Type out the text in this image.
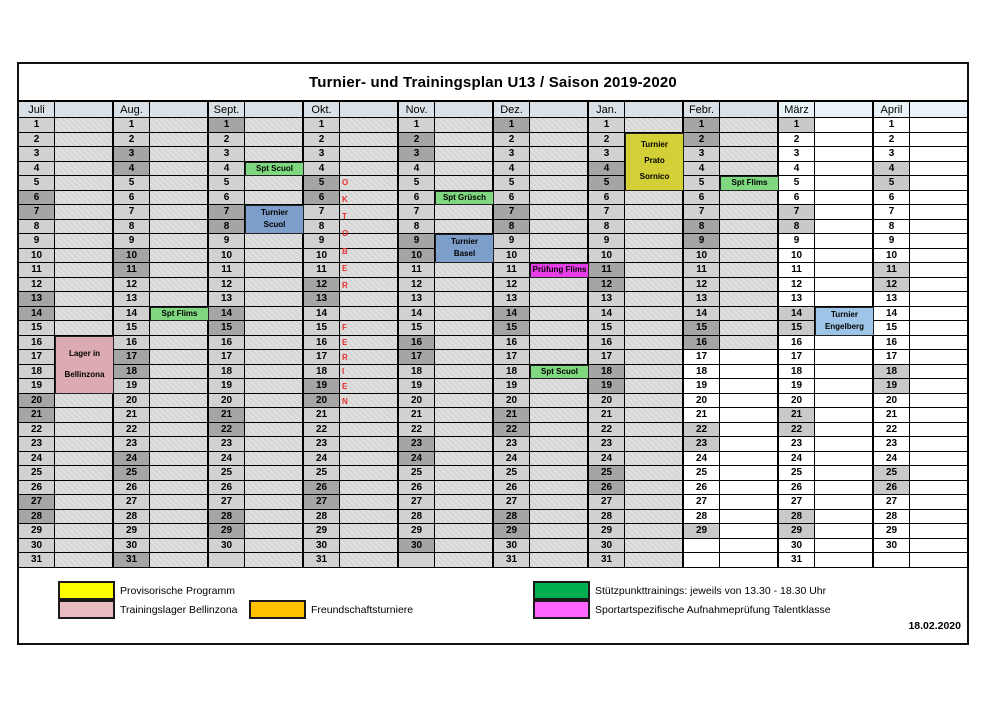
Turnier- und Trainingsplan U13 / Saison 2019-2020
Juli
1
2
3
4
5
6
7
8
9
10
11
12
13
14
15
16
17
18
19
20
21
22
23
24
25
26
27
28
29
30
31
Aug.
1
2
3
4
5
6
7
8
9
10
11
12
13
14
15
16
17
18
19
20
21
22
23
24
25
26
27
28
29
30
31
Sept.
1
2
3
4
5
6
7
8
9
10
11
12
13
14
15
16
17
18
19
20
21
22
23
24
25
26
27
28
29
30
Okt.
1
2
3
4
5
6
7
8
9
10
11
12
13
14
15
16
17
18
19
20
21
22
23
24
25
26
27
28
29
30
31
Nov.
1
2
3
4
5
6
7
8
9
10
11
12
13
14
15
16
17
18
19
20
21
22
23
24
25
26
27
28
29
30
Dez.
1
2
3
4
5
6
7
8
9
10
11
12
13
14
15
16
17
18
19
20
21
22
23
24
25
26
27
28
29
30
31
Jan.
1
2
3
4
5
6
7
8
9
10
11
12
13
14
15
16
17
18
19
20
21
22
23
24
25
26
27
28
29
30
31
Febr.
1
2
3
4
5
6
7
8
9
10
11
12
13
14
15
16
17
18
19
20
21
22
23
24
25
26
27
28
29
März
1
2
3
4
5
6
7
8
9
10
11
12
13
14
15
16
17
18
19
20
21
22
23
24
25
26
27
28
29
30
31
April
1
2
3
4
5
6
7
8
9
10
11
12
13
14
15
16
17
18
19
20
21
22
23
24
25
26
27
28
29
30
Lager in
Bellinzona
Spt Flims
Spt Scuol
Turnier
Scuol
Spt Grüsch
Turnier
Basel
Prüfung Flims
Spt Scuol
Turnier
Prato
Sornico
Spt Flims
Turnier
Engelberg
O
K
T
O
B
E
R
F
E
R
I
E
N
Provisorische Programm
Trainingslager Bellinzona	Freundschaftsturniere
Stützpunkttrainings: jeweils von 13.30 - 18.30 Uhr
Sportartspezifische Aufnahmeprüfung Talentklasse
18.02.2020
